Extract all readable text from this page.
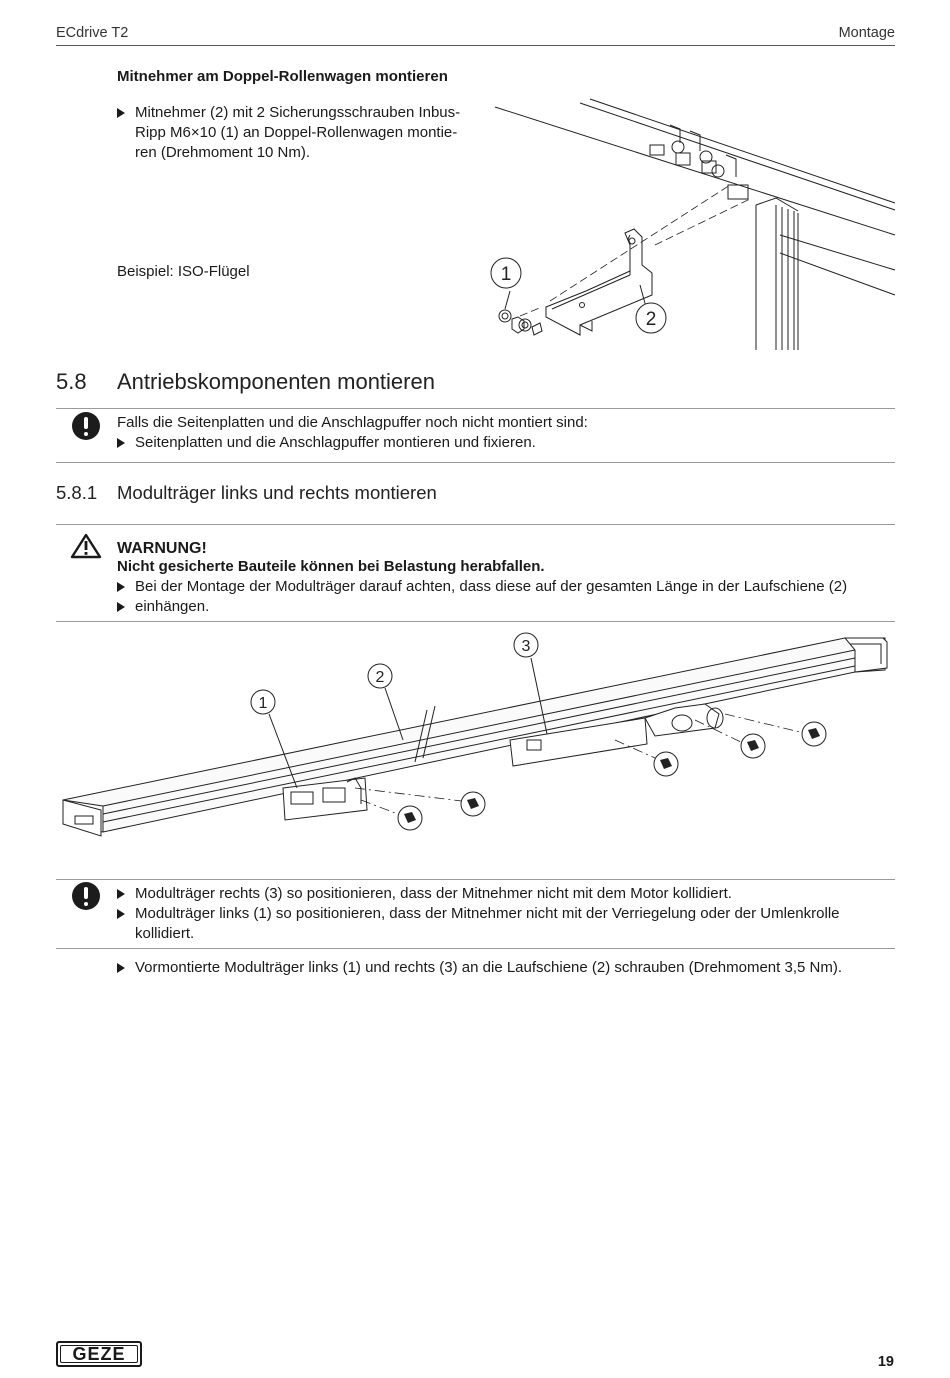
ECdrive T2	Montage
Mitnehmer am Doppel-Rollenwagen montieren
Mitnehmer (2) mit 2 Sicherungsschrauben Inbus-
Ripp M6×10 (1) an Doppel-Rollenwagen montie-
ren (Drehmoment 10 Nm).
Beispiel: ISO-Flügel	1
2
5.8 Antriebskomponenten montieren
Falls die Seitenplatten und die Anschlagpuffer noch nicht montiert sind:
Seitenplatten und die Anschlagpuffer montieren und fixieren.
5.8.1 Modulträger links und rechts montieren
WARNUNG!
Nicht gesicherte Bauteile können bei Belastung herabfallen.
Bei der Montage der Modulträger darauf achten, dass diese auf der gesamten Länge in der Laufschiene (2)
einhängen.
1
2
3
Modulträger rechts (3) so positionieren, dass der Mitnehmer nicht mit dem Motor kollidiert.
Modulträger links (1) so positionieren, dass der Mitnehmer nicht mit der Verriegelung oder der Umlenkrolle
kollidiert.
Vormontierte Modulträger links (1) und rechts (3) an die Laufschiene (2) schrauben (Drehmoment 3,5 Nm).
GEZE	19
